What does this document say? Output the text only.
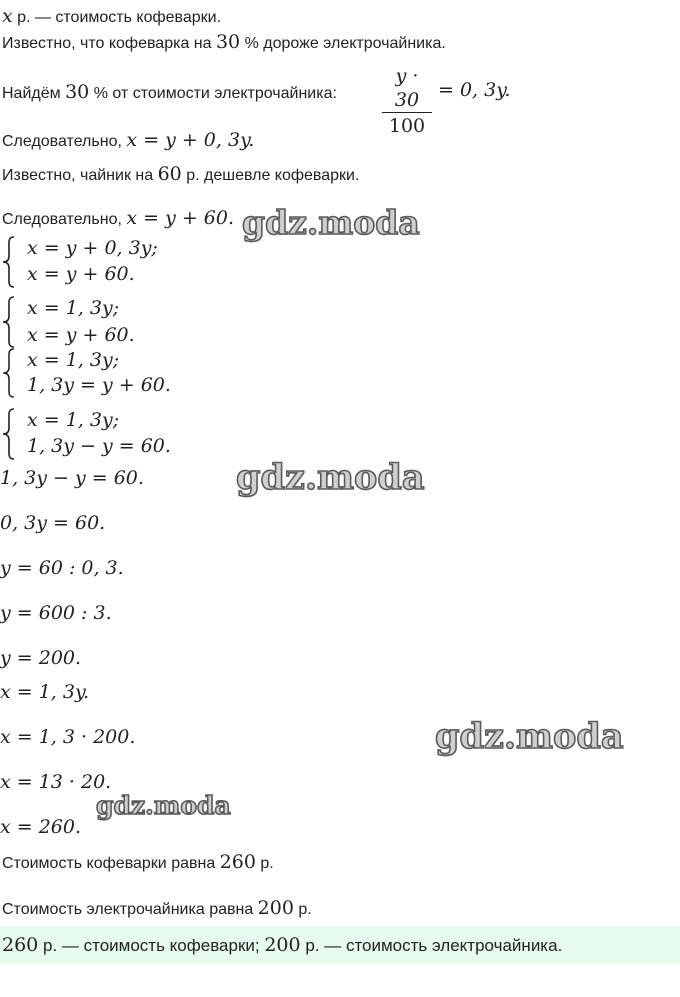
x р. — стоимость кофеварки.
Известно, что кофеварка на 30 % дороже электрочайника.
Найдём 30 % от стоимости электрочайника:
y · 30
100
= 0, 3y.
Следовательно, x = y + 0, 3y.
Известно, чайник на 60 р. дешевле кофеварки.
Следовательно, x = y + 60.
x = y + 0, 3y;
x = y + 60.
x = 1, 3y;
x = y + 60.
x = 1, 3y;
1, 3y = y + 60.
x = 1, 3y;
1, 3y − y = 60.
1, 3y − y = 60.
0, 3y = 60.
y = 60 : 0, 3.
y = 600 : 3.
y = 200.
x = 1, 3y.
x = 1, 3 · 200.
x = 13 · 20.
x = 260.
Стоимость кофеварки равна 260 р.
Стоимость электрочайника равна 200 р.
260 р. — стоимость кофеварки; 200 р. — стоимость электрочайника.
gdz.moda
gdz.moda
gdz.moda
gdz.moda
